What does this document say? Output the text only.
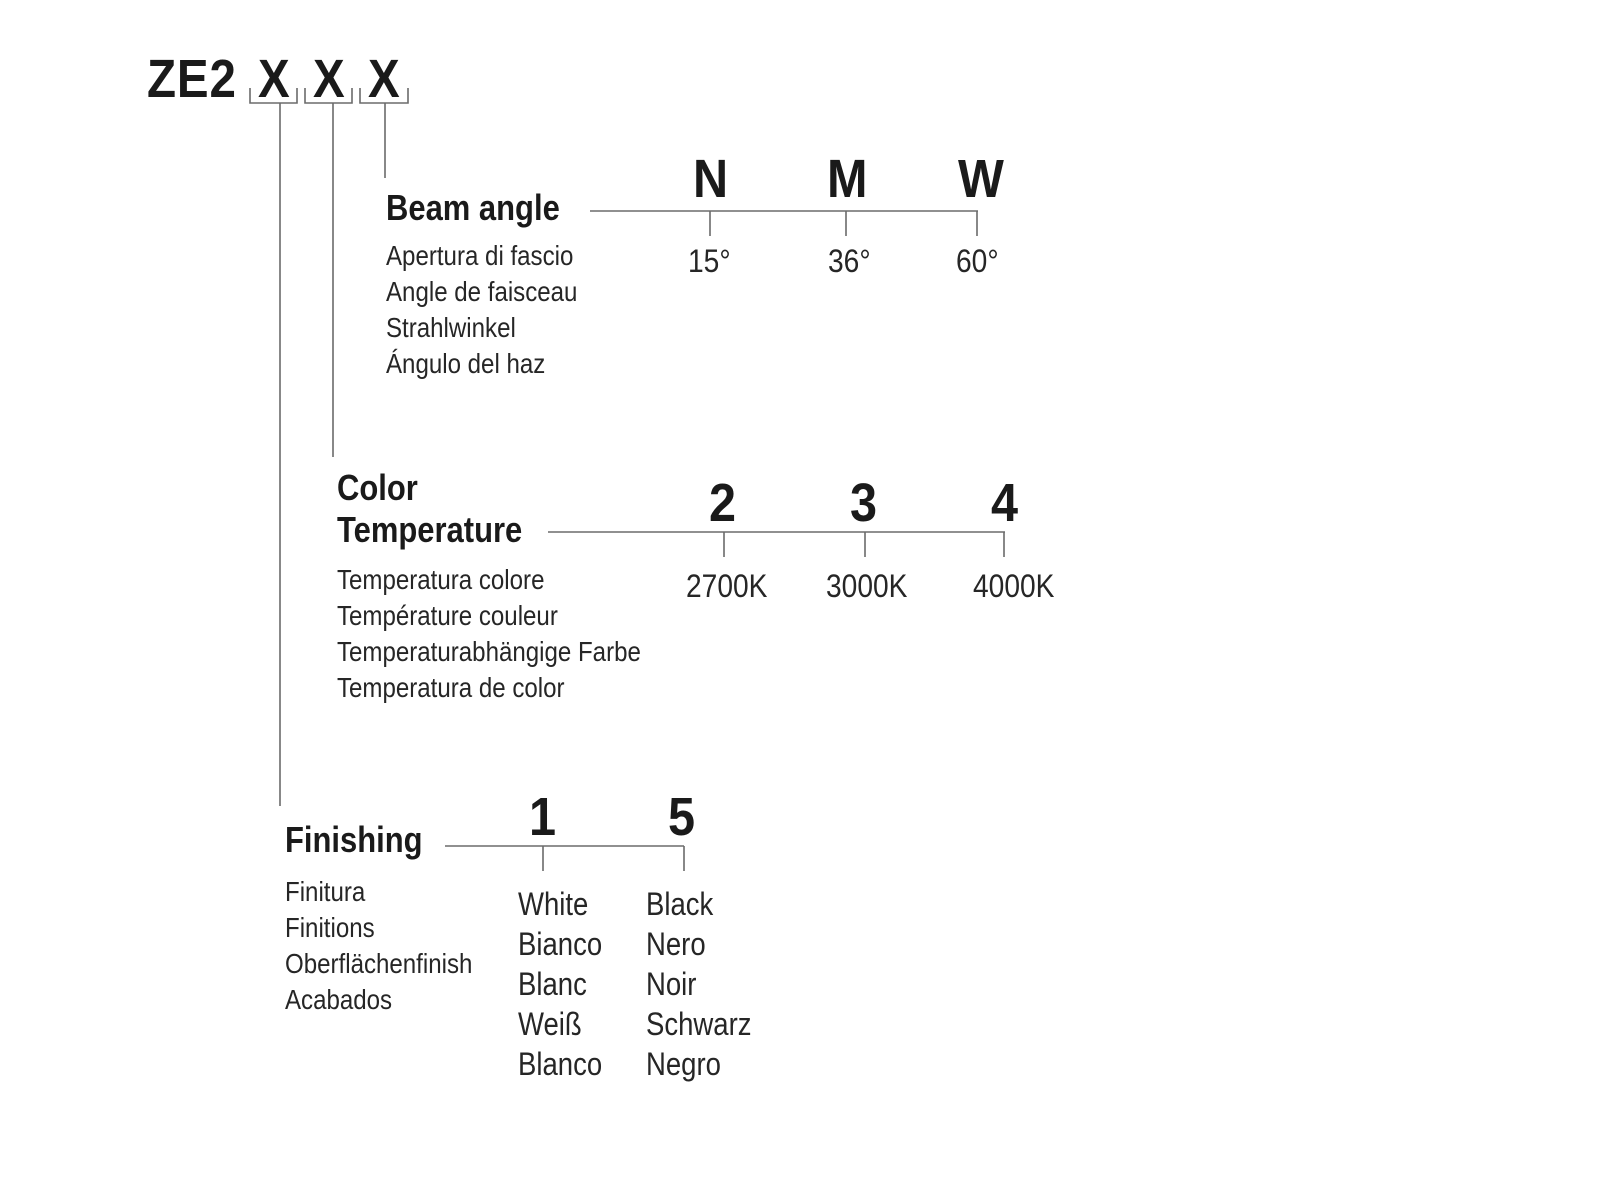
ZE2 X X X
Beam angle
Apertura di fascio
Angle de faisceau
Strahlwinkel
Ángulo del haz
N M W
15°	36°	60°
Color
Temperature
Temperatura colore
Température couleur
Temperaturabhängige Farbe
Temperatura de color
2 3 4
2700K 3000K 4000K
Finishing
Finitura
Finitions
Oberflächenfinish
Acabados
1 5
White
Bianco
Blanc
Weiß
Blanco
Black
Nero
Noir
Schwarz
Negro
